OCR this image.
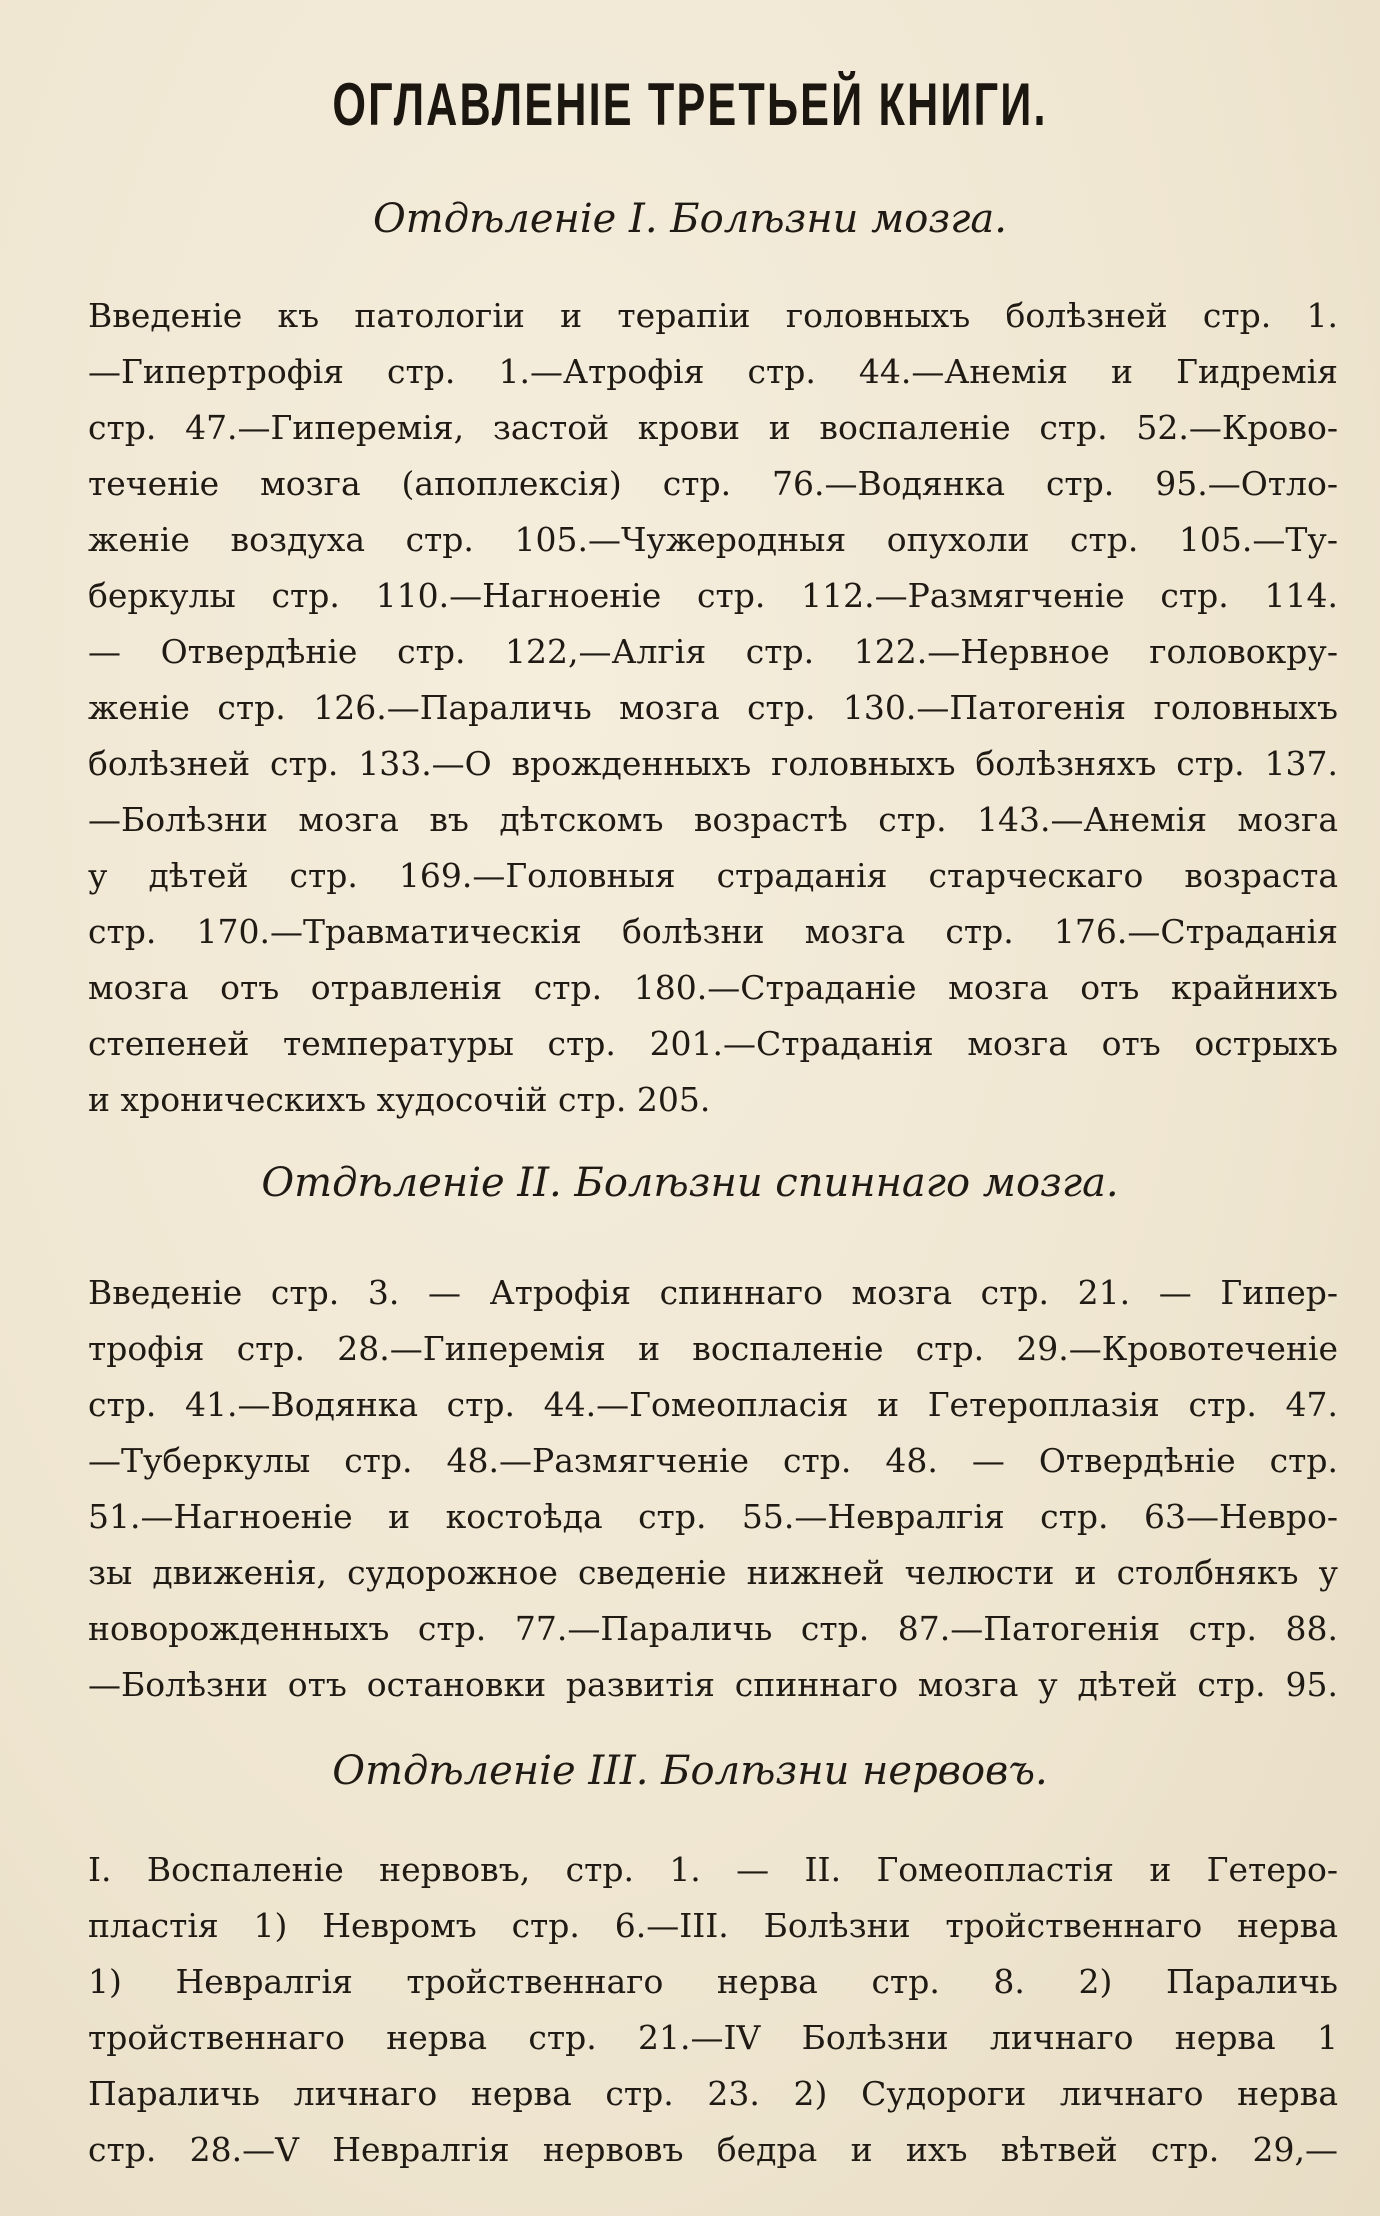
ОГЛАВЛЕНІЕ ТРЕТЬЕЙ КНИГИ.
Отдѣленіе I. Болѣзни мозга.
Введеніе къ патологіи и терапіи головныхъ болѣзней стр. 1.
—Гипертрофія стр. 1.—Атрофія стр. 44.—Анемія и Гидремія
стр. 47.—Гиперемія, застой крови и воспаленіе стр. 52.—Крово-
теченіе мозга (апоплексія) стр. 76.—Водянка стр. 95.—Отло-
женіе воздуха стр. 105.—Чужеродныя опухоли стр. 105.—Ту-
беркулы стр. 110.—Нагноеніе стр. 112.—Размягченіе стр. 114.
— Отвердѣніе стр. 122,—Алгія стр. 122.—Нервное головокру-
женіе стр. 126.—Параличь мозга стр. 130.—Патогенія головныхъ
болѣзней стр. 133.—О врожденныхъ головныхъ болѣзняхъ стр. 137.
—Болѣзни мозга въ дѣтскомъ возрастѣ стр. 143.—Анемія мозга
у дѣтей стр. 169.—Головныя страданія старческаго возраста
стр. 170.—Травматическія болѣзни мозга стр. 176.—Страданія
мозга отъ отравленія стр. 180.—Страданіе мозга отъ крайнихъ
степеней температуры стр. 201.—Страданія мозга отъ острыхъ
и хроническихъ худосочій стр. 205.
Отдѣленіе II. Болѣзни спиннаго мозга.
Введеніе стр. 3. — Атрофія спиннаго мозга стр. 21. — Гипер-
трофія стр. 28.—Гиперемія и воспаленіе стр. 29.—Кровотеченіе
стр. 41.—Водянка стр. 44.—Гомеопласія и Гетероплазія стр. 47.
—Туберкулы стр. 48.—Размягченіе стр. 48. — Отвердѣніе стр.
51.—Нагноеніе и костоѣда стр. 55.—Невралгія стр. 63—Невро-
зы движенія, судорожное сведеніе нижней челюсти и столбнякъ у
новорожденныхъ стр. 77.—Параличь стр. 87.—Патогенія стр. 88.
—Болѣзни отъ остановки развитія спиннаго мозга у дѣтей стр. 95.
Отдѣленіе III. Болѣзни нервовъ.
I. Воспаленіе нервовъ, стр. 1. — II. Гомеопластія и Гетеро-
пластія 1) Невромъ стр. 6.—III. Болѣзни тройственнаго нерва
1) Невралгія тройственнаго нерва стр. 8. 2) Параличь
тройственнаго нерва стр. 21.—IV Болѣзни личнаго нерва 1
Параличь личнаго нерва стр. 23. 2) Судороги личнаго нерва
стр. 28.—V Невралгія нервовъ бедра и ихъ вѣтвей стр. 29,—
